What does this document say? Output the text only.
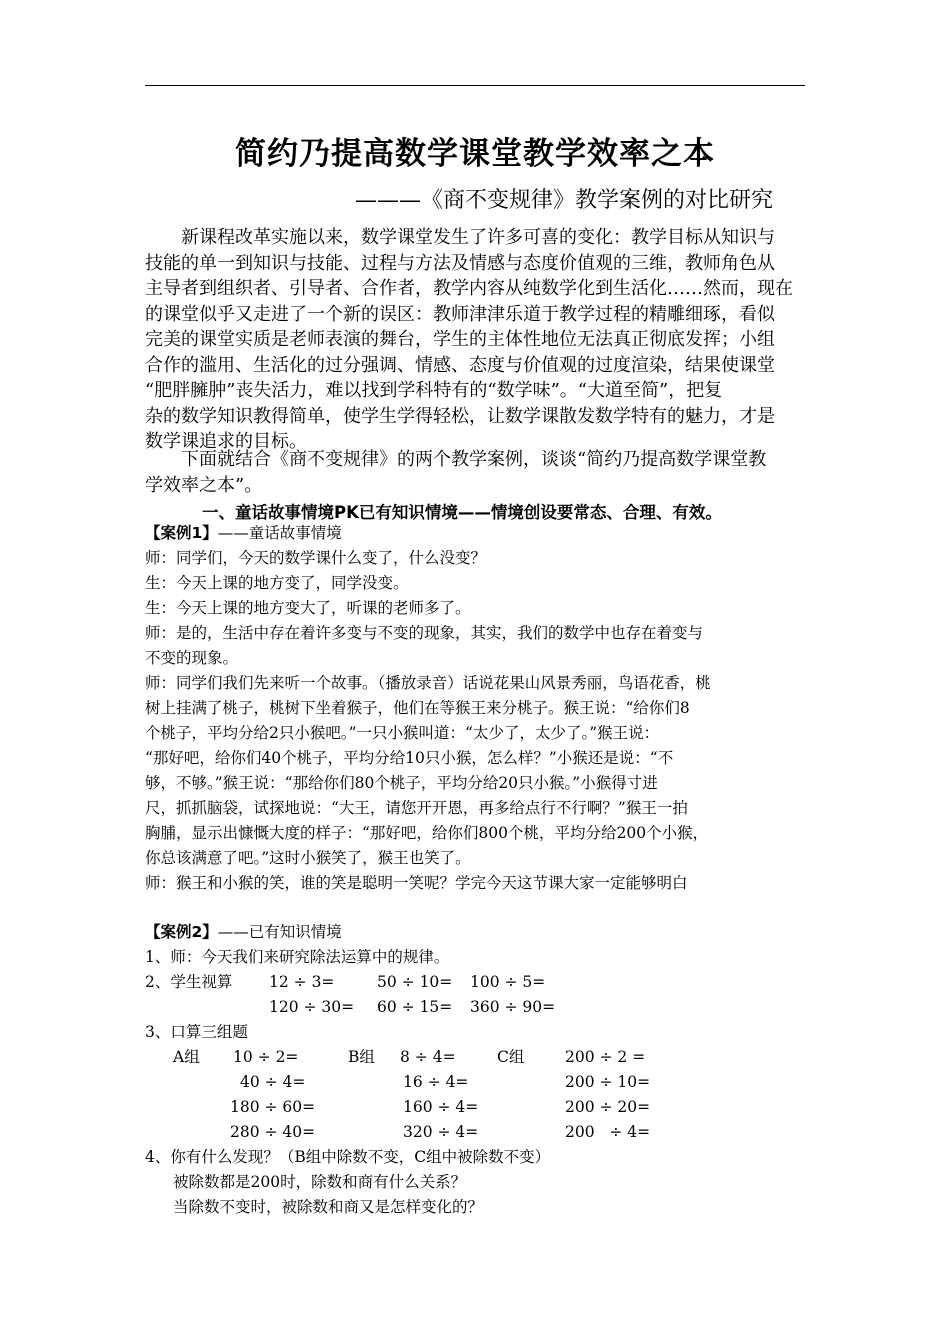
简约乃提高数学课堂教学效率之本
———《商不变规律》教学案例的对比研究
新课程改革实施以来，数学课堂发生了许多可喜的变化：教学目标从知识与
技能的单一到知识与技能、过程与方法及情感与态度价值观的三维，教师角色从
主导者到组织者、引导者、合作者，教学内容从纯数学化到生活化……然而，现在
的课堂似乎又走进了一个新的误区：教师津津乐道于教学过程的精雕细琢，看似
完美的课堂实质是老师表演的舞台，学生的主体性地位无法真正彻底发挥；小组
合作的滥用、生活化的过分强调、情感、态度与价值观的过度渲染，结果使课堂
“肥胖臃肿”丧失活力，难以找到学科特有的“数学味”。“大道至简”，把复
杂的数学知识教得简单，使学生学得轻松，让数学课散发数学特有的魅力，才是
数学课追求的目标。
下面就结合《商不变规律》的两个教学案例，谈谈“简约乃提高数学课堂教
学效率之本”。
一、童话故事情境PK已有知识情境——情境创设要常态、合理、有效。
【案例1】——童话故事情境
师：同学们，今天的数学课什么变了，什么没变？
生：今天上课的地方变了，同学没变。
生：今天上课的地方变大了，听课的老师多了。
师：是的，生活中存在着许多变与不变的现象，其实，我们的数学中也存在着变与
不变的现象。
师：同学们我们先来听一个故事。（播放录音）话说花果山风景秀丽，鸟语花香，桃
树上挂满了桃子，桃树下坐着猴子，他们在等猴王来分桃子。猴王说：“给你们8
个桃子，平均分给2只小猴吧。”一只小猴叫道：“太少了，太少了。”猴王说：
“那好吧，给你们40个桃子，平均分给10只小猴，怎么样？”小猴还是说：“不
够，不够。”猴王说：“那给你们80个桃子，平均分给20只小猴。”小猴得寸进
尺，抓抓脑袋，试探地说：“大王，请您开开恩，再多给点行不行啊？”猴王一拍
胸脯，显示出慷慨大度的样子：“那好吧，给你们800个桃，平均分给200个小猴，
你总该满意了吧。”这时小猴笑了，猴王也笑了。
师：猴王和小猴的笑，谁的笑是聪明一笑呢？学完今天这节课大家一定能够明白
【案例2】——已有知识情境
1、师：今天我们来研究除法运算中的规律。
2、学生视算 12 ÷ 3=	50 ÷ 10= 100 ÷ 5=
120 ÷ 30= 60 ÷ 15= 360 ÷ 90=
3、口算三组题
A组 10 ÷ 2=	B组 8 ÷ 4=	C组	200 ÷ 2 =
40 ÷ 4=	16 ÷ 4=	200 ÷ 10=
180 ÷ 60=	160 ÷ 4=	200 ÷ 20=
280 ÷ 40=	320 ÷ 4=	200   ÷ 4=
4、你有什么发现？（B组中除数不变，C组中被除数不变）
被除数都是200时，除数和商有什么关系？
当除数不变时，被除数和商又是怎样变化的？
